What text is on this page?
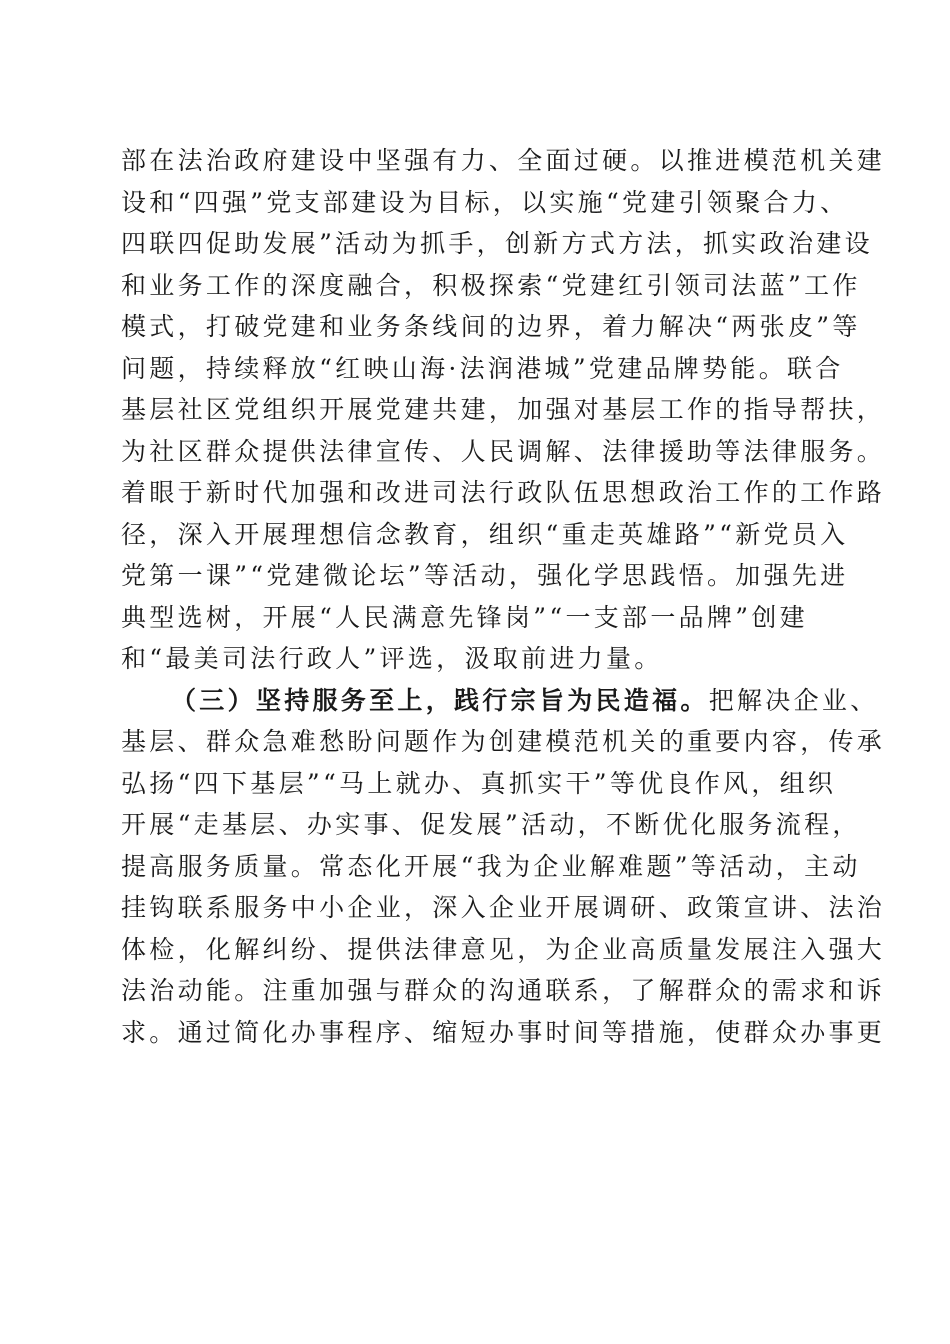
部在法治政府建设中坚强有力、全面过硬。以推进模范机关建
设和“四强”党支部建设为目标，以实施“党建引领聚合力、
四联四促助发展”活动为抓手，创新方式方法，抓实政治建设
和业务工作的深度融合，积极探索“党建红引领司法蓝”工作
模式，打破党建和业务条线间的边界，着力解决“两张皮”等
问题，持续释放“红映山海·法润港城”党建品牌势能。联合
基层社区党组织开展党建共建，加强对基层工作的指导帮扶，
为社区群众提供法律宣传、人民调解、法律援助等法律服务。
着眼于新时代加强和改进司法行政队伍思想政治工作的工作路
径，深入开展理想信念教育，组织“重走英雄路”“新党员入
党第一课”“党建微论坛”等活动，强化学思践悟。加强先进
典型选树，开展“人民满意先锋岗”“一支部一品牌”创建
和“最美司法行政人”评选，汲取前进力量。
（三）坚持服务至上，践行宗旨为民造福。把解决企业、
基层、群众急难愁盼问题作为创建模范机关的重要内容，传承
弘扬“四下基层”“马上就办、真抓实干”等优良作风，组织
开展“走基层、办实事、促发展”活动，不断优化服务流程，
提高服务质量。常态化开展“我为企业解难题”等活动，主动
挂钩联系服务中小企业，深入企业开展调研、政策宣讲、法治
体检，化解纠纷、提供法律意见，为企业高质量发展注入强大
法治动能。注重加强与群众的沟通联系，了解群众的需求和诉
求。通过简化办事程序、缩短办事时间等措施，使群众办事更
